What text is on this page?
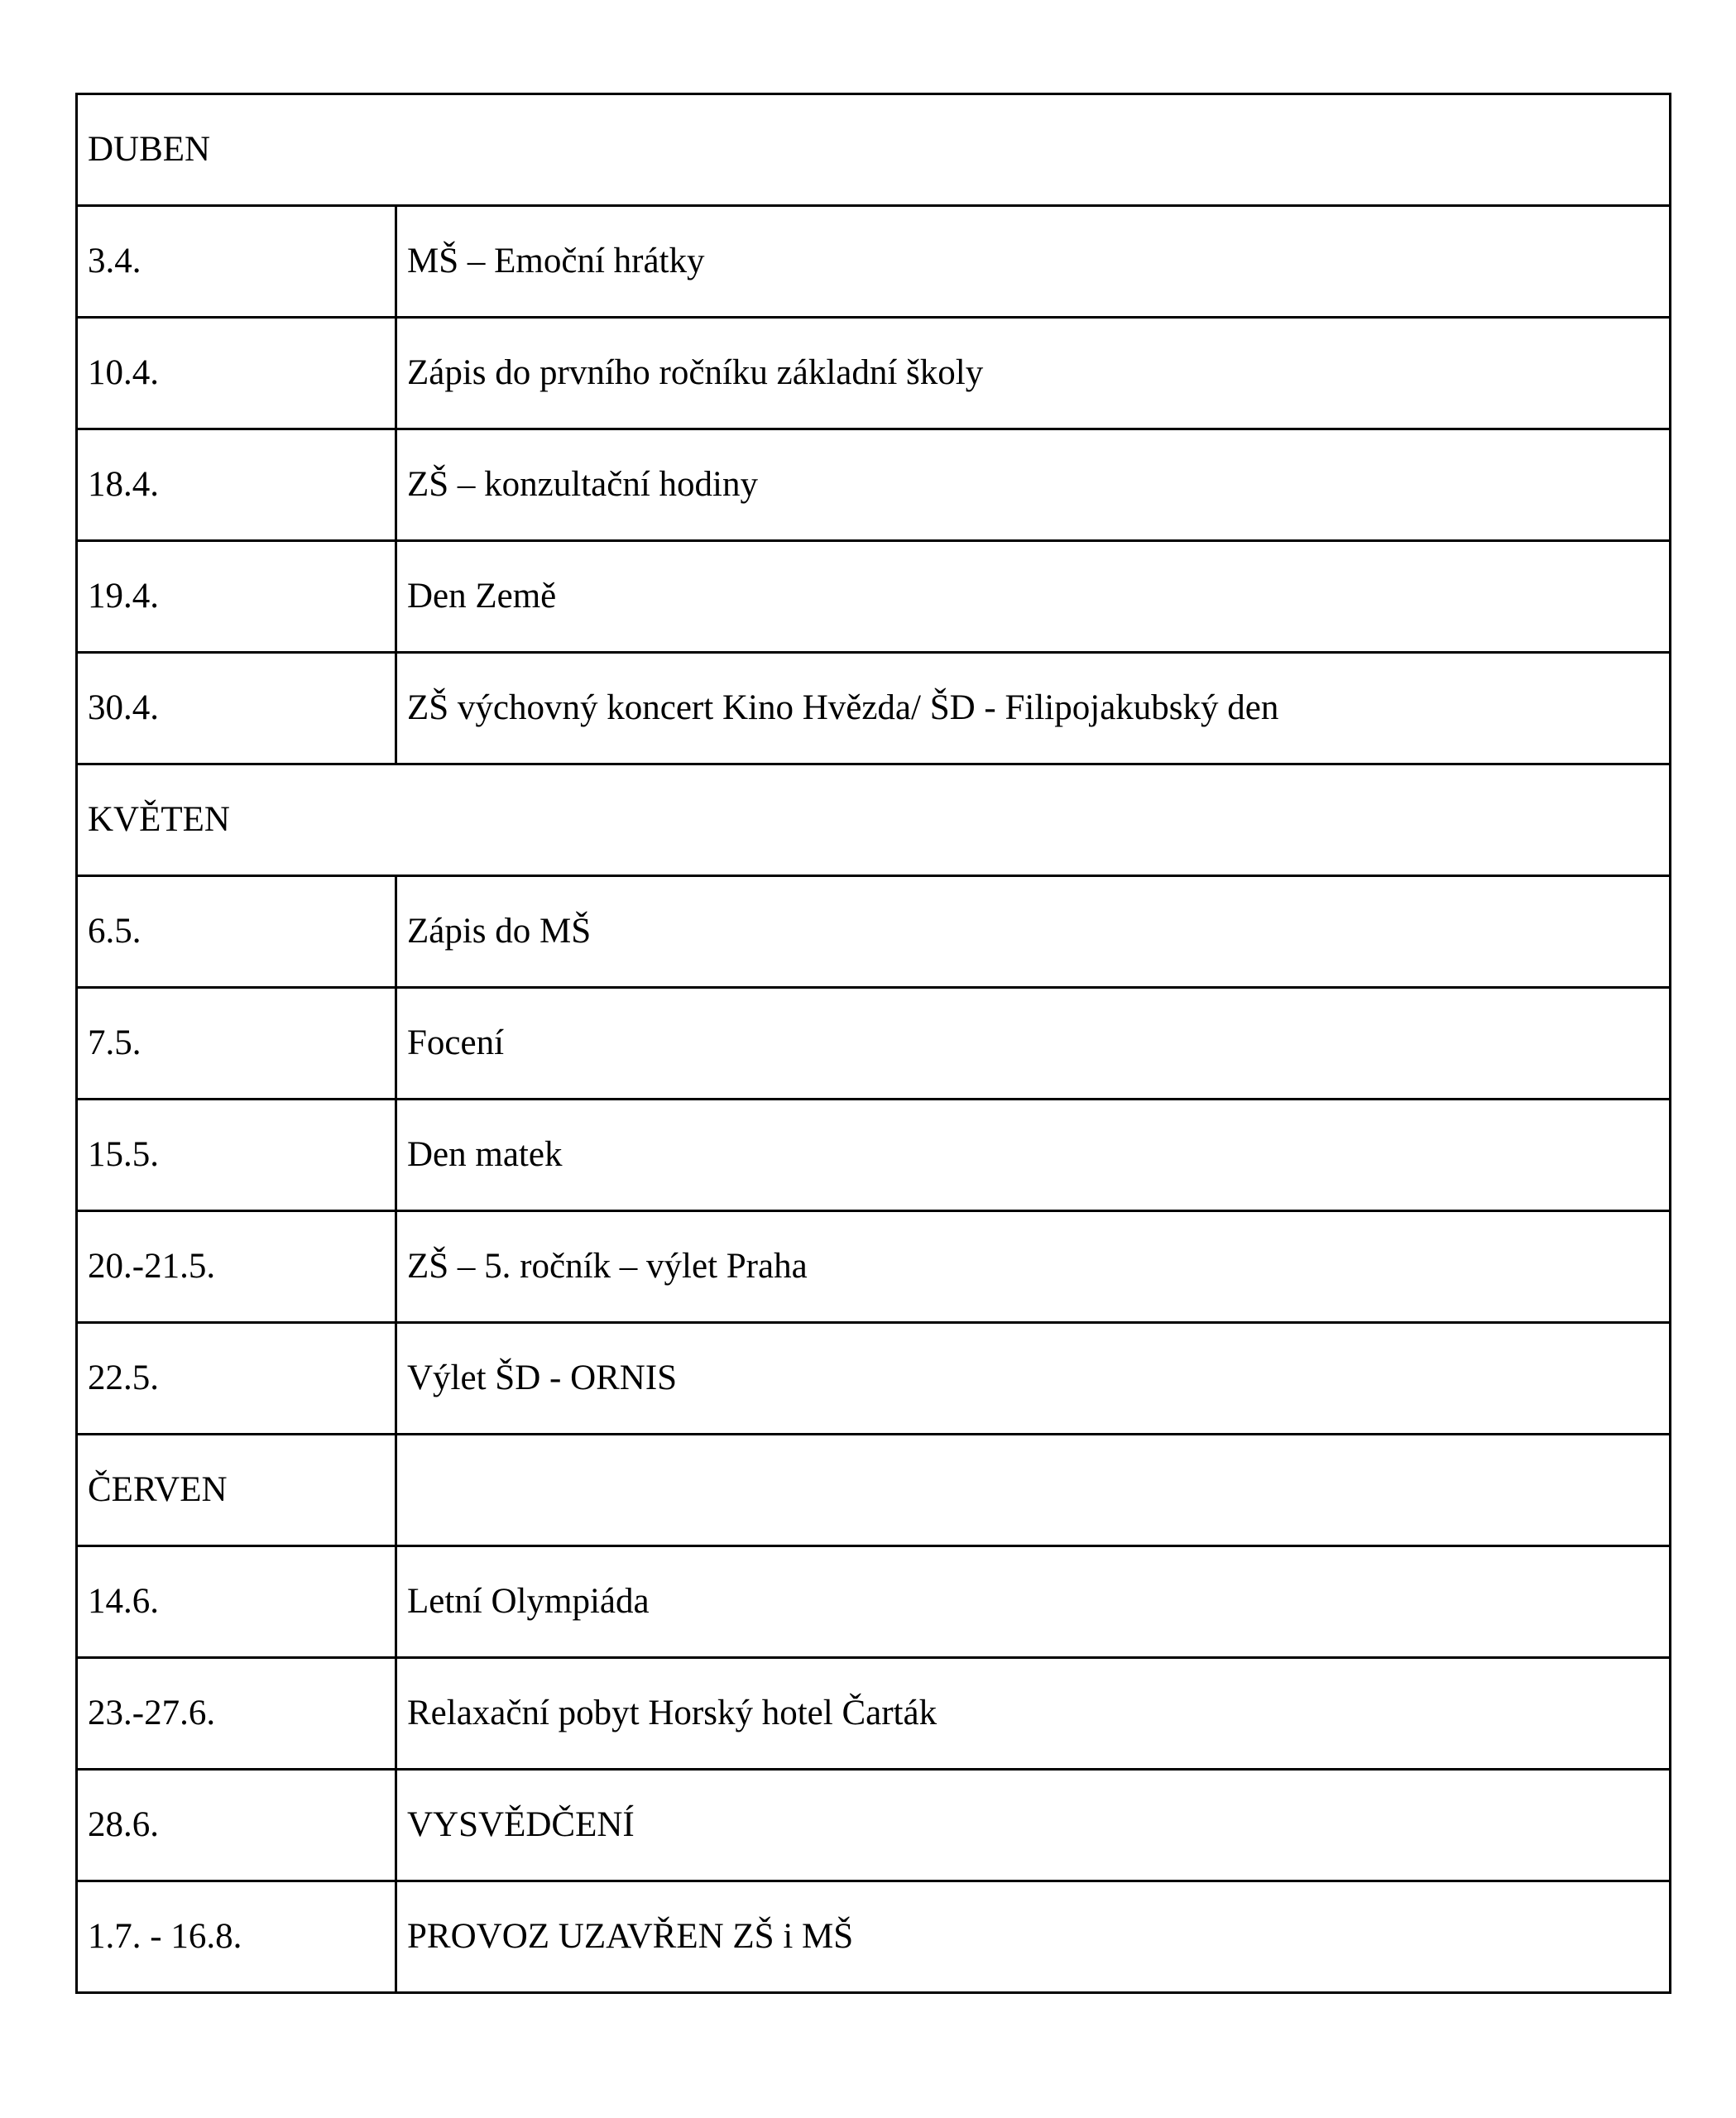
DUBEN	
3.4.	MŠ – Emoční hrátky
10.4.	Zápis do prvního ročníku základní školy
18.4.	ZŠ – konzultační hodiny
19.4.	Den Země
30.4.	ZŠ výchovný koncert Kino Hvězda/ ŠD - Filipojakubský den
KVĚTEN	
6.5.	Zápis do MŠ
7.5.	Focení
15.5.	Den matek
20.-21.5.	ZŠ – 5. ročník – výlet Praha
22.5.	Výlet ŠD - ORNIS
ČERVEN	
14.6.	Letní Olympiáda
23.-27.6.	Relaxační pobyt Horský hotel Čarták
28.6.	VYSVĚDČENÍ
1.7. - 16.8.	PROVOZ UZAVŘEN ZŠ i MŠ
